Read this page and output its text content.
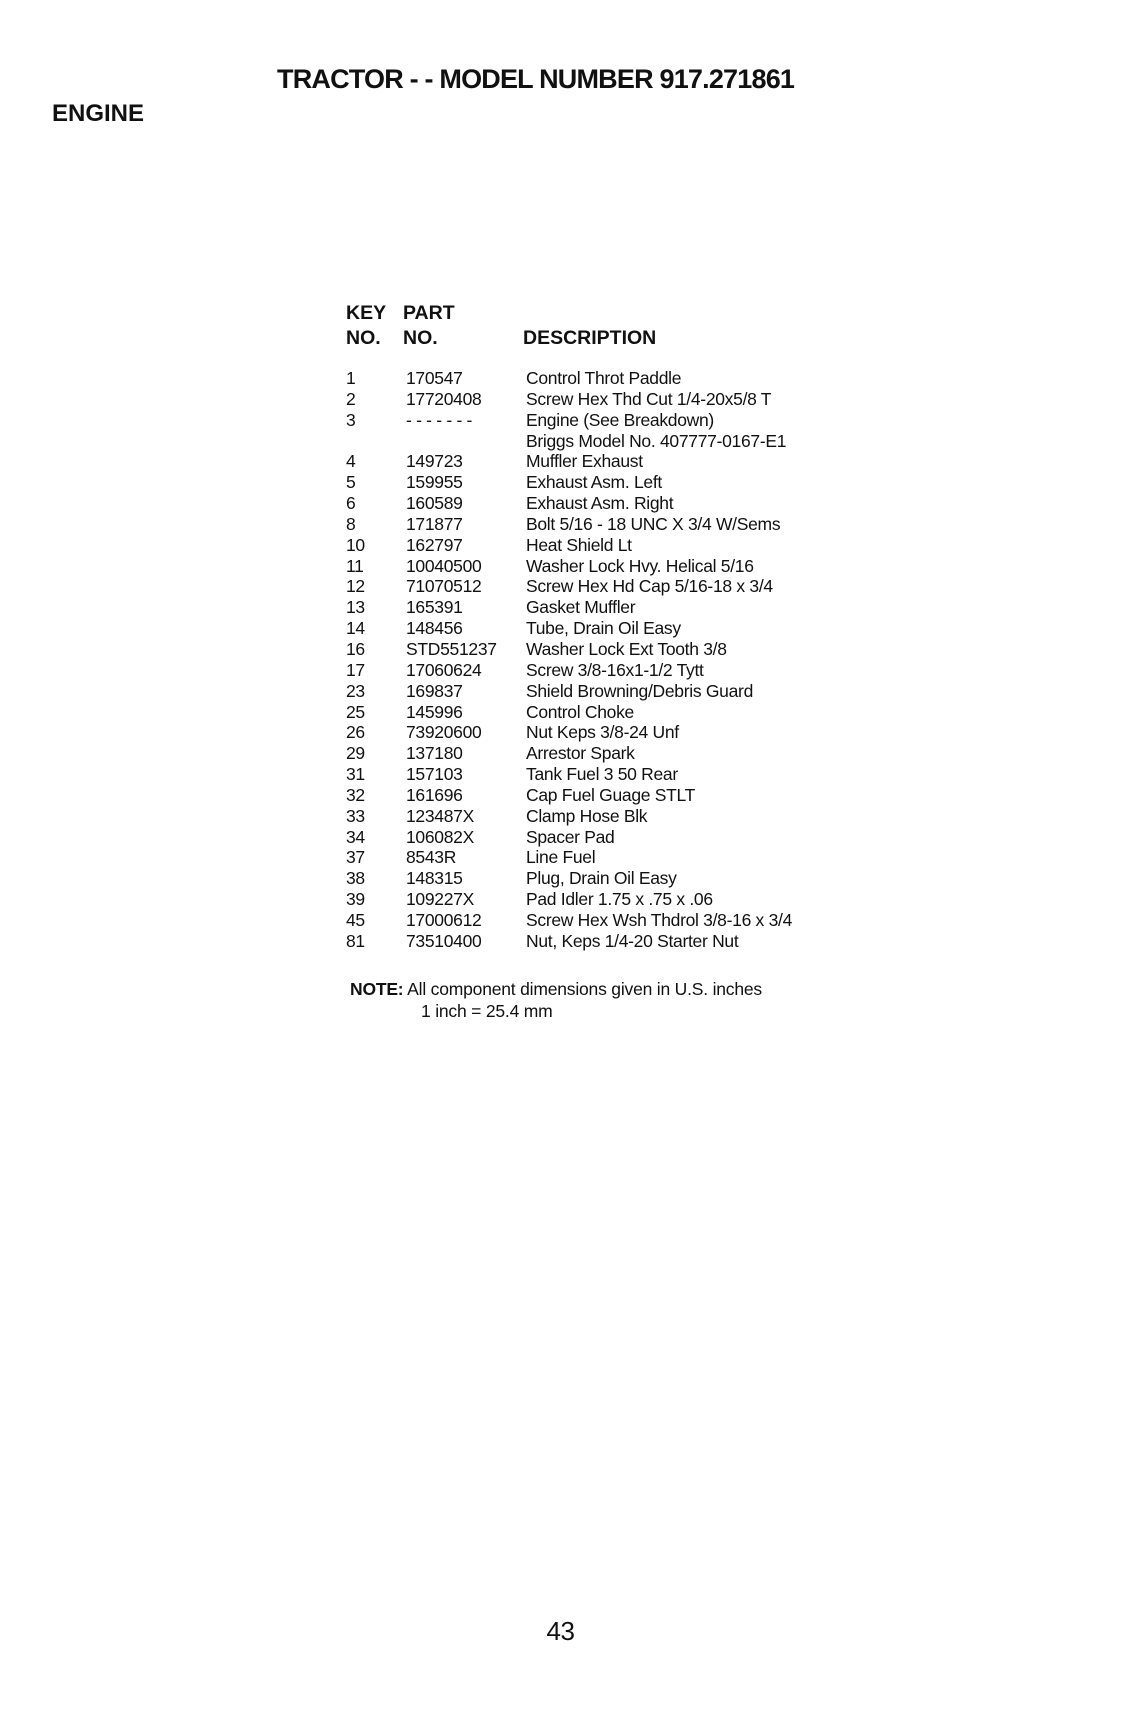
TRACTOR - - MODEL NUMBER 917.271861
ENGINE
KEY
NO.
PART
NO.	DESCRIPTION
1	170547	Control Throt Paddle
2	17720408	Screw Hex Thd Cut 1/4-20x5/8 T
3	- - - - - - -	Engine (See Breakdown)
Briggs Model No. 407777-0167-E1
4	149723	Muffler Exhaust
5	159955	Exhaust Asm. Left
6	160589	Exhaust Asm. Right
8	171877	Bolt 5/16 - 18 UNC X 3/4 W/Sems
10 162797	Heat Shield Lt
11 10040500	Washer Lock Hvy. Helical 5/16
12 71070512	Screw Hex Hd Cap 5/16-18 x 3/4
13 165391	Gasket Muffler
14 148456	Tube, Drain Oil Easy
16 STD551237 Washer Lock Ext Tooth 3/8
17 17060624	Screw 3/8-16x1-1/2 Tytt
23 169837	Shield Browning/Debris Guard
25 145996	Control Choke
26 73920600	Nut Keps 3/8-24 Unf
29 137180	Arrestor Spark
31 157103	Tank Fuel 3 50 Rear
32 161696	Cap Fuel Guage STLT
33 123487X	Clamp Hose Blk
34 106082X	Spacer Pad
37 8543R	Line Fuel
38 148315	Plug, Drain Oil Easy
39 109227X	Pad Idler 1.75 x .75 x .06
45 17000612	Screw Hex Wsh Thdrol 3/8-16 x 3/4
81 73510400	Nut, Keps 1/4-20 Starter Nut
NOTE: All component dimensions given in U.S. inches
1 inch = 25.4 mm
43
